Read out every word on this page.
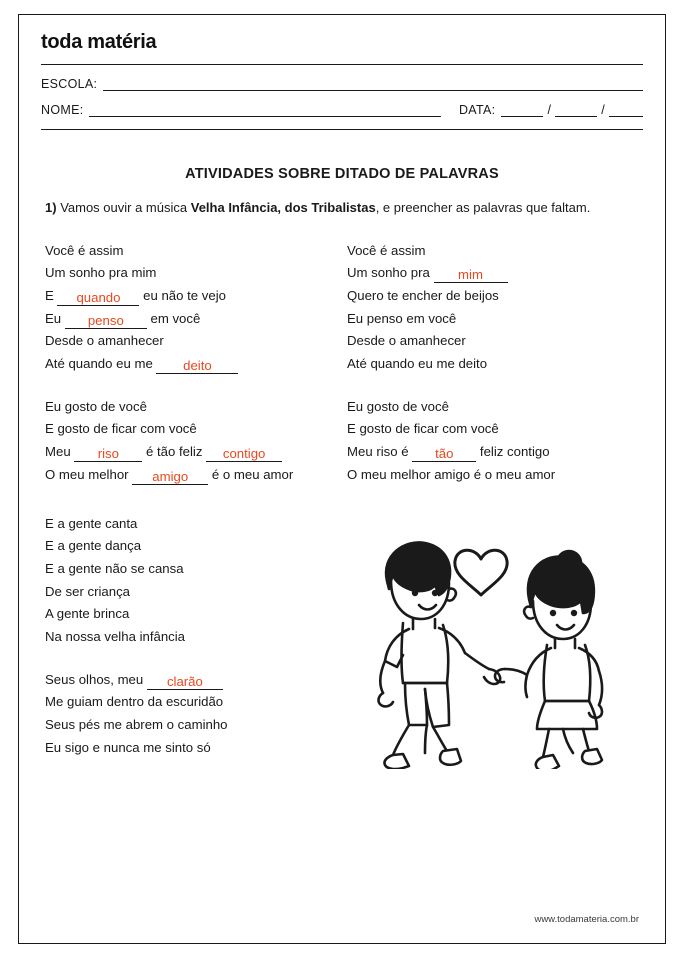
toda matéria
ESCOLA:
NOME:	DATA:	/	/
ATIVIDADES SOBRE DITADO DE PALAVRAS
1) Vamos ouvir a música Velha Infância, dos Tribalistas, e preencher as palavras que faltam.
Você é assim
Um sonho pra mim
E quando eu não te vejo
Eu penso em você
Desde o amanhecer
Até quando eu me deito
Eu gosto de você
E gosto de ficar com você
Meu riso é tão feliz contigo
O meu melhor amigo é o meu amor
Você é assim
Um sonho pra mim
Quero te encher de beijos
Eu penso em você
Desde o amanhecer
Até quando eu me deito
Eu gosto de você
E gosto de ficar com você
Meu riso é tão feliz contigo
O meu melhor amigo é o meu amor
E a gente canta
E a gente dança
E a gente não se cansa
De ser criança
A gente brinca
Na nossa velha infância
Seus olhos, meu clarão
Me guiam dentro da escuridão
Seus pés me abrem o caminho
Eu sigo e nunca me sinto só
www.todamateria.com.br
